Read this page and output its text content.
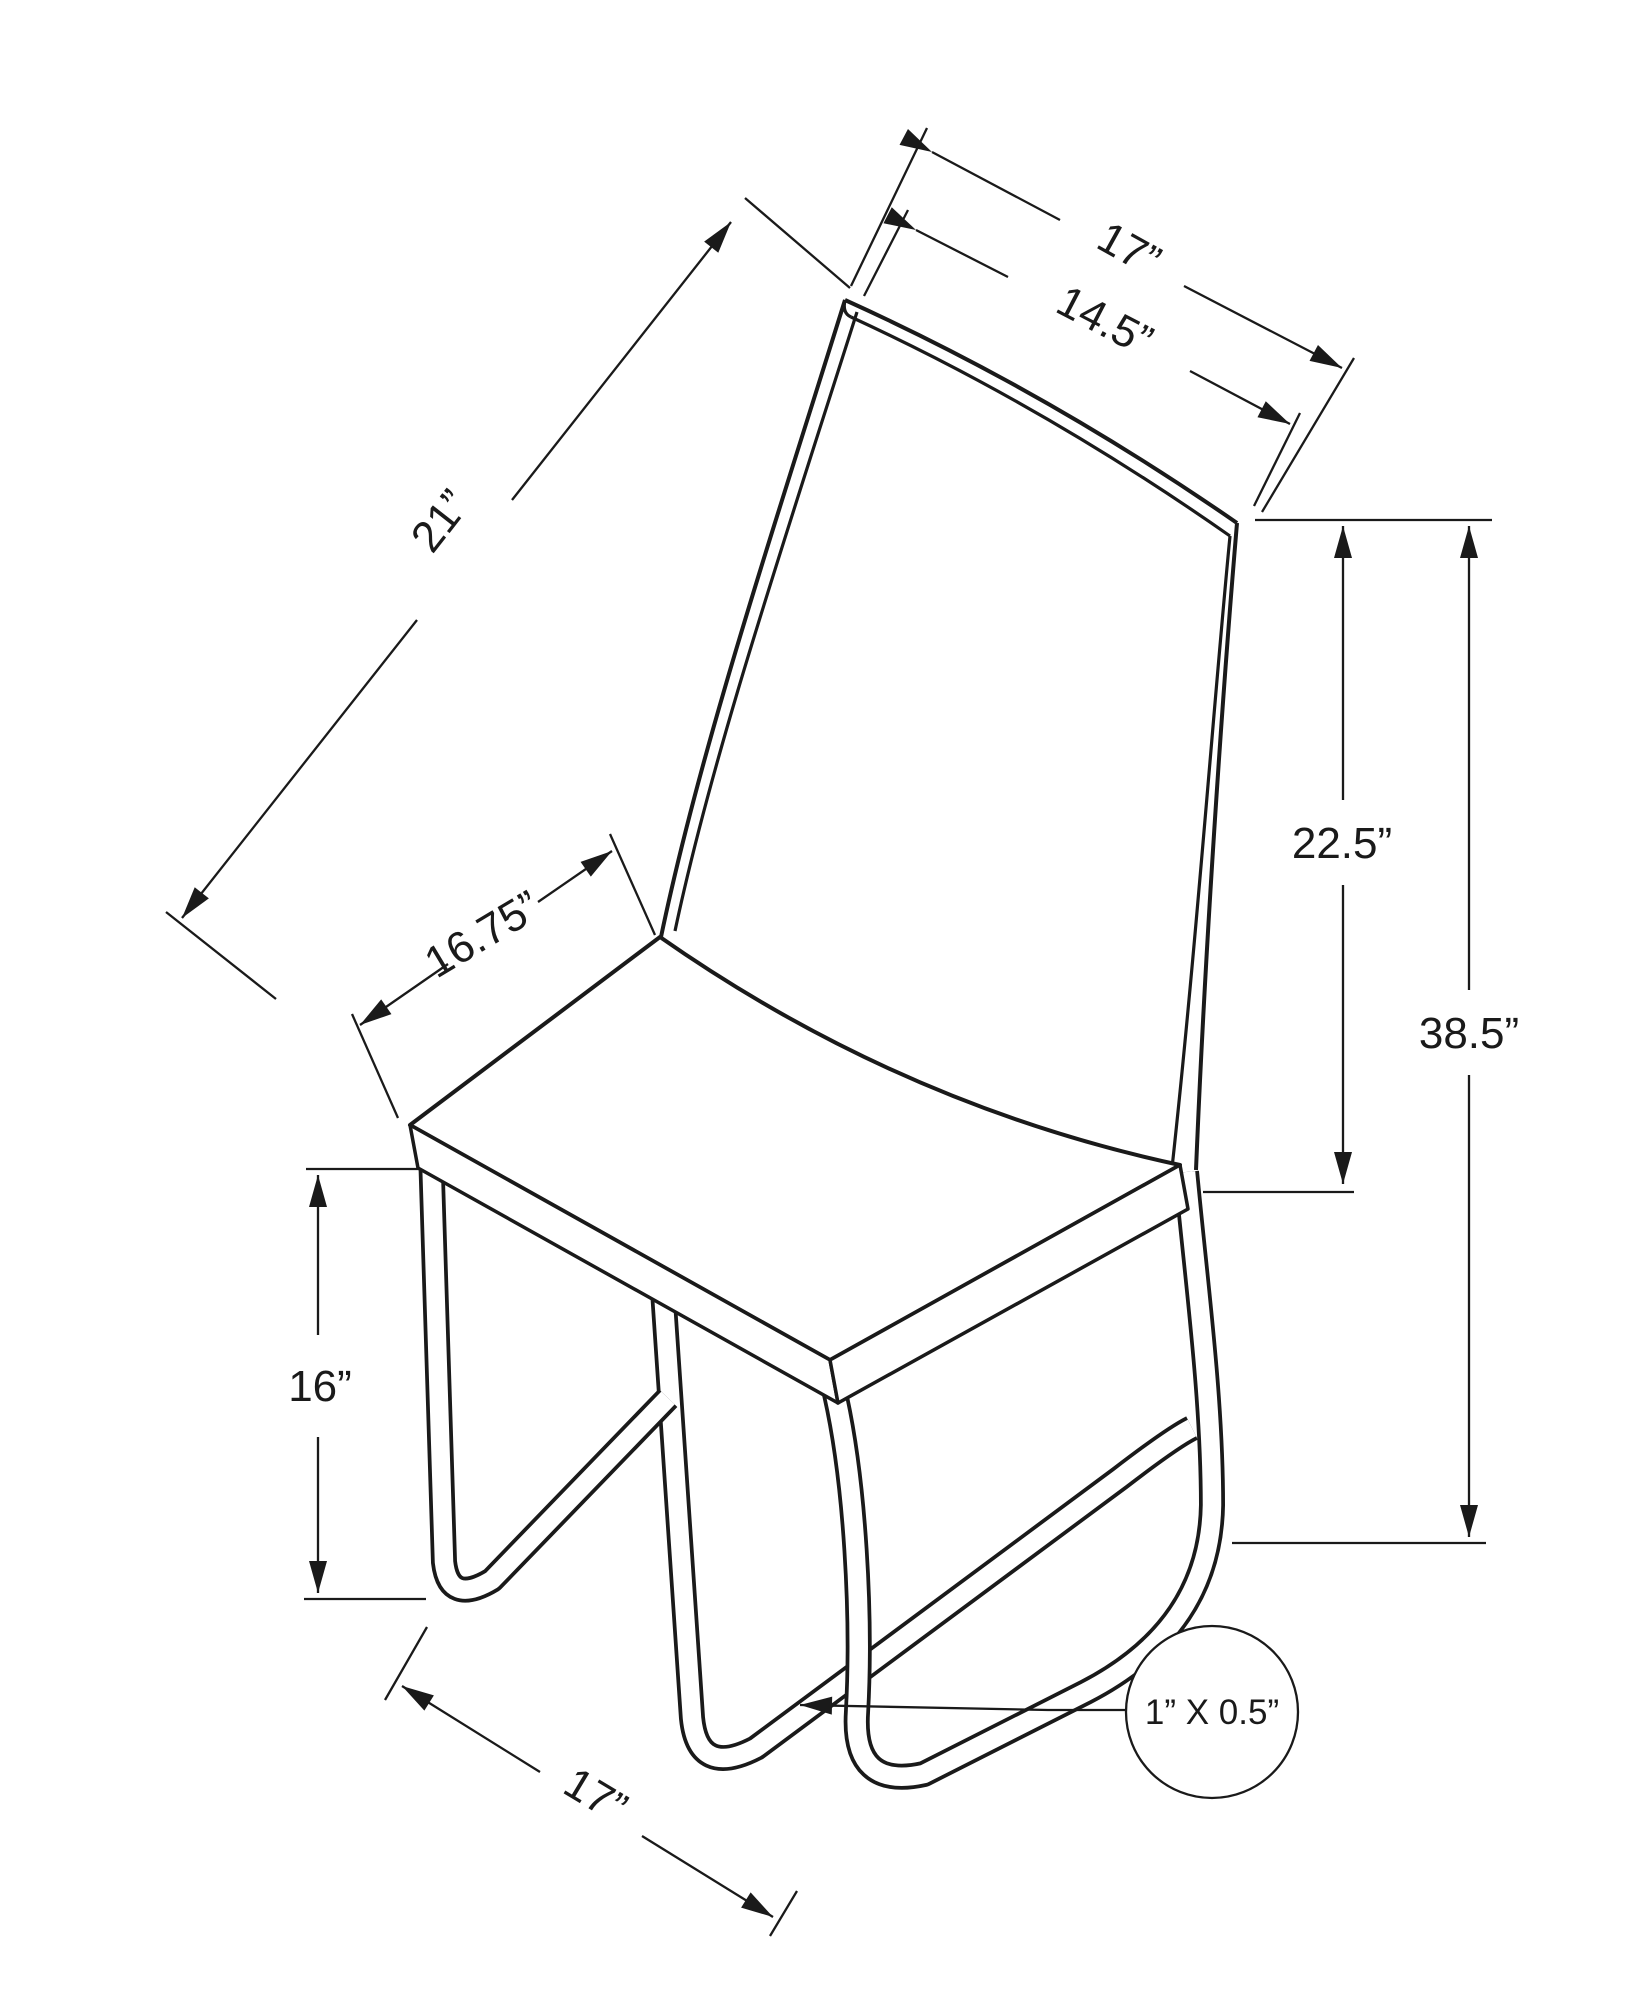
17”
14.5”
21”
16.75”
22.5”
38.5”
16”
17”
1” X 0.5”
